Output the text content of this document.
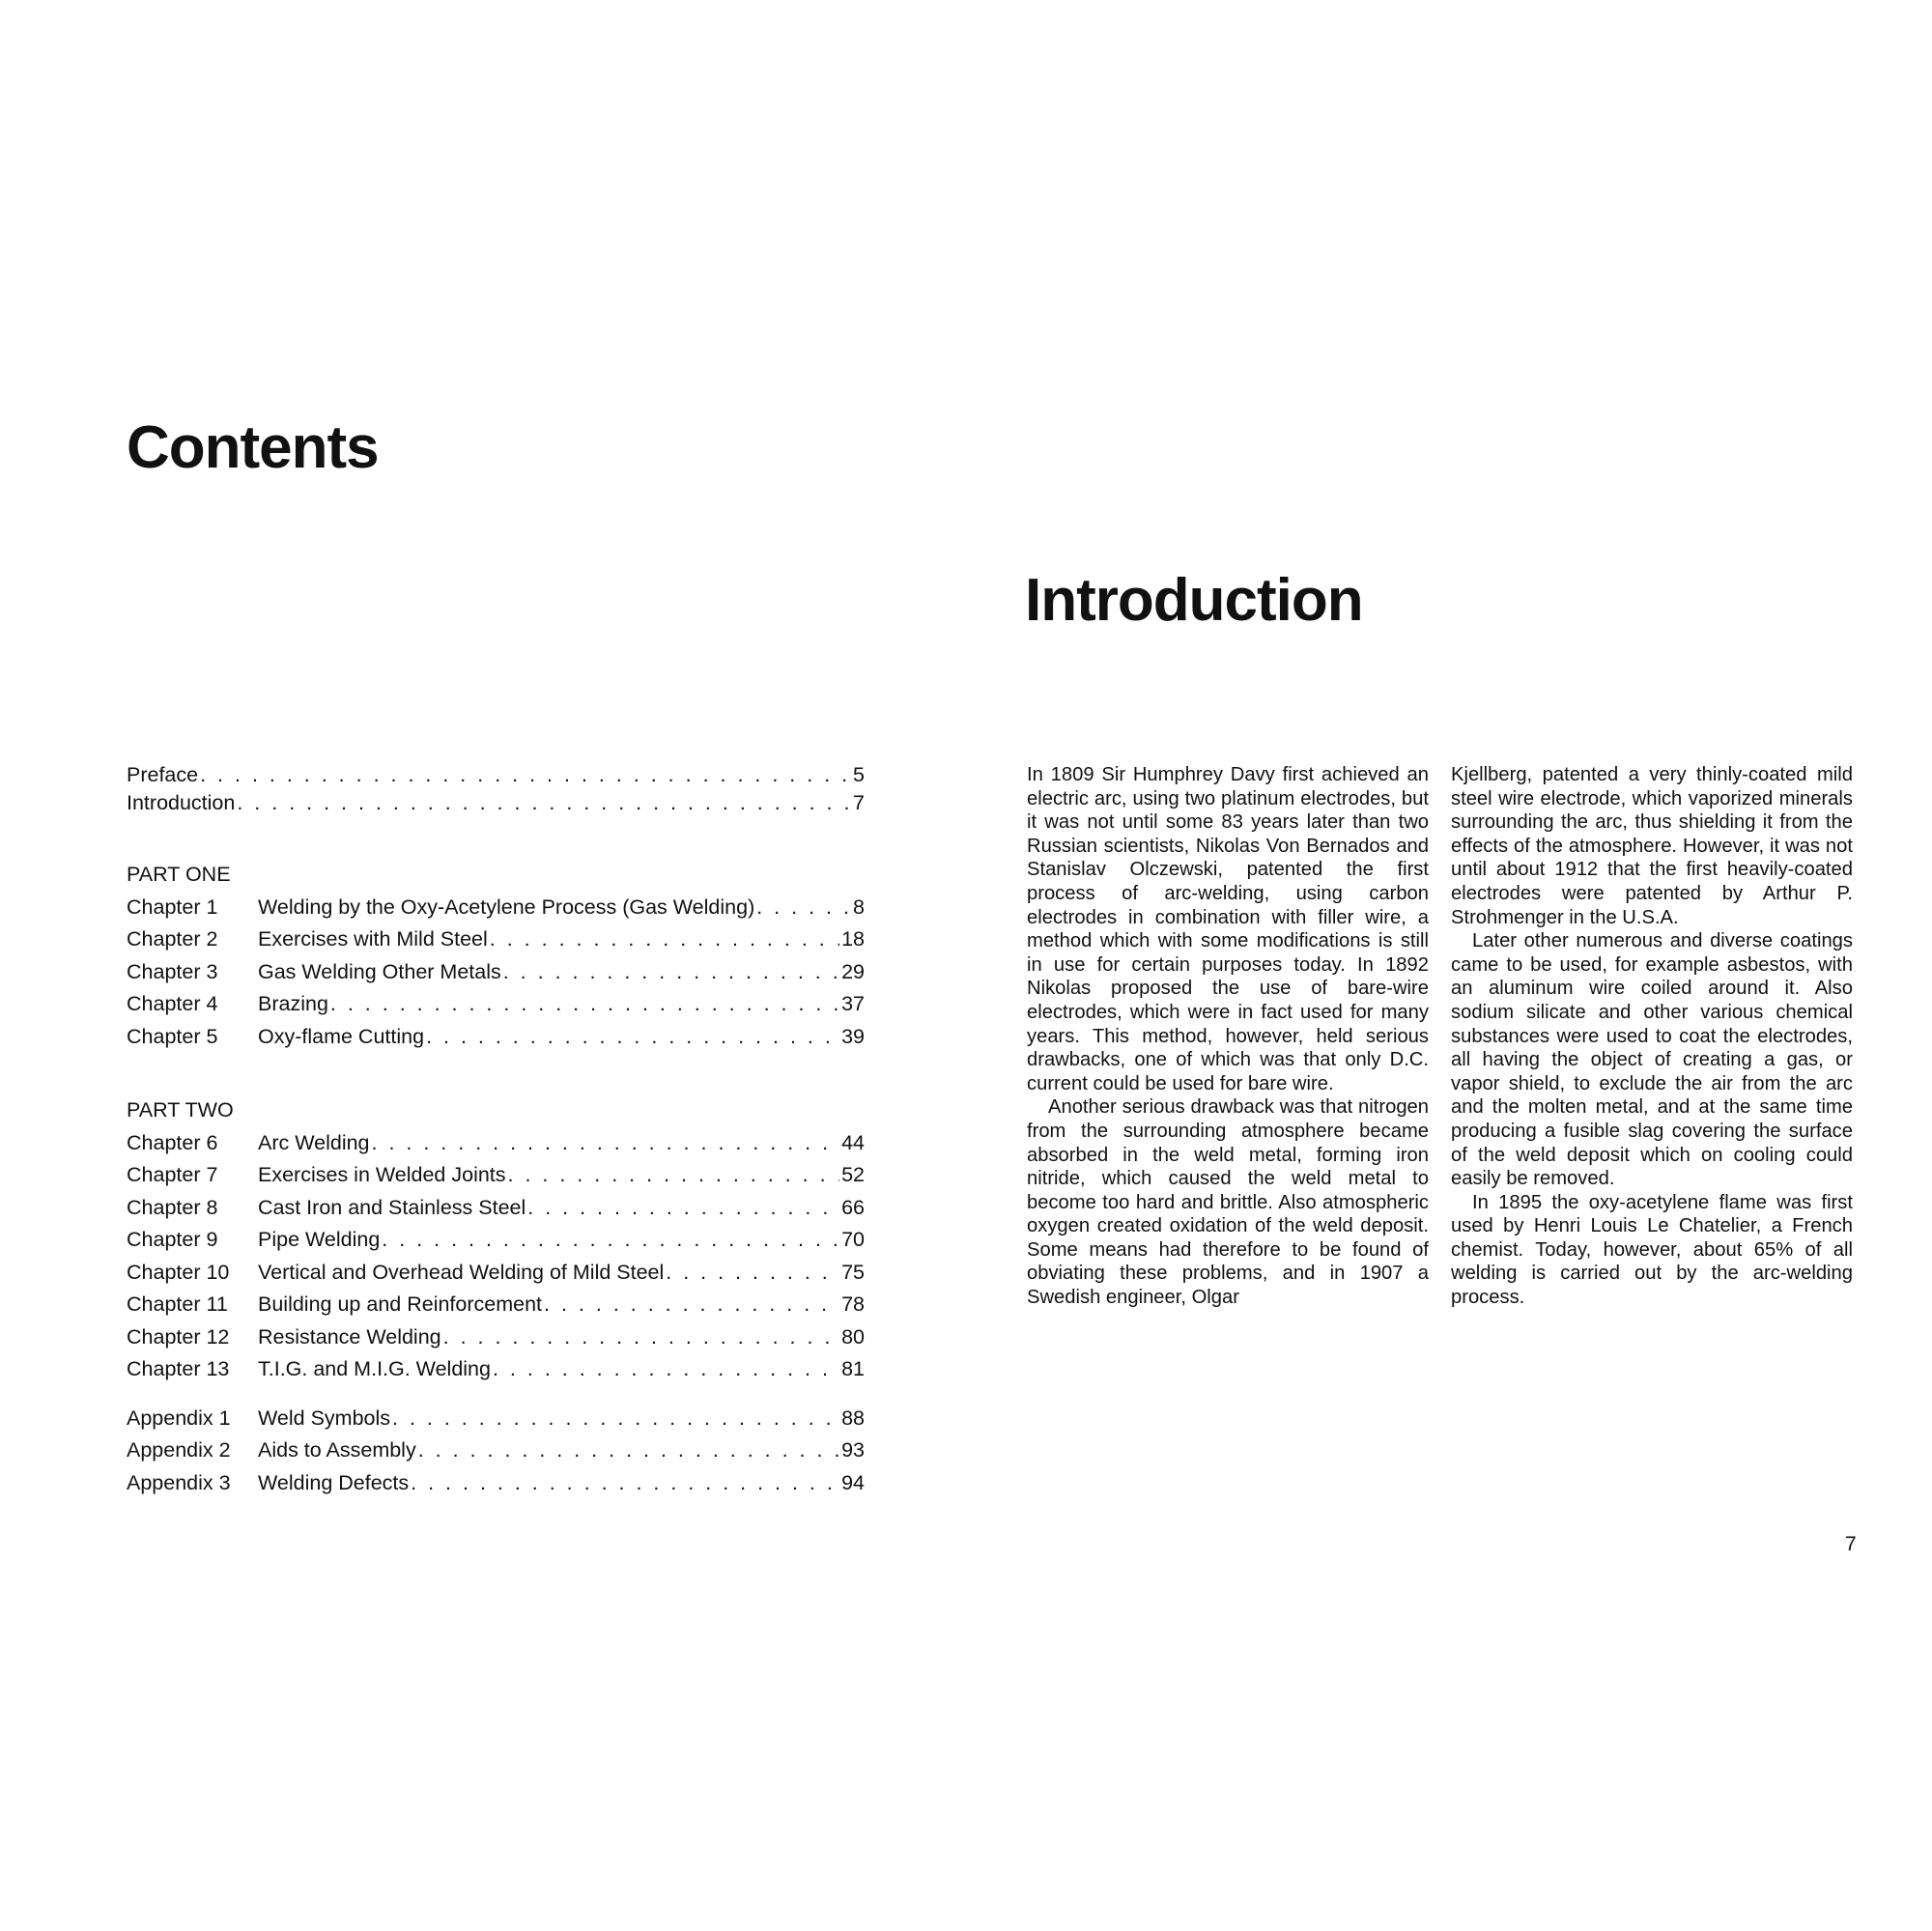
Contents
Preface . . .	5
Introduction . . .	7
PART ONE
Chapter 1	Welding by the Oxy-Acetylene Process (Gas Welding) . . .	8
Chapter 2	Exercises with Mild Steel . . .	18
Chapter 3	Gas Welding Other Metals . . .	29
Chapter 4	Brazing . . .	37
Chapter 5	Oxy-flame Cutting . . .	39
PART TWO
Chapter 6	Arc Welding . . .	44
Chapter 7	Exercises in Welded Joints . . .	52
Chapter 8	Cast Iron and Stainless Steel . . .	66
Chapter 9	Pipe Welding . . .	70
Chapter 10	Vertical and Overhead Welding of Mild Steel . . .	75
Chapter 11	Building up and Reinforcement . . .	78
Chapter 12	Resistance Welding . . .	80
Chapter 13	T.I.G. and M.I.G. Welding . . .	81
Appendix 1	Weld Symbols . . .	88
Appendix 2	Aids to Assembly . . .	93
Appendix 3	Welding Defects . . .	94
Introduction

In 1809 Sir Humphrey Davy first achieved an electric arc, using two platinum electrodes, but it was not until some 83 years later than two Russian scientists, Nikolas Von Bernados and Stanislav Olczewski, patented the first process of arc-welding, using carbon electrodes in combination with filler wire, a method which with some modifications is still in use for certain purposes today. In 1892 Nikolas proposed the use of bare-wire electrodes, which were in fact used for many years. This method, however, held serious drawbacks, one of which was that only D.C. current could be used for bare wire.

Another serious drawback was that nitrogen from the surrounding atmosphere became absorbed in the weld metal, forming iron nitride, which caused the weld metal to become too hard and brittle. Also atmospheric oxygen created oxidation of the weld deposit. Some means had therefore to be found of obviating these problems, and in 1907 a Swedish engineer, Olgar

Kjellberg, patented a very thinly-coated mild steel wire electrode, which vaporized minerals surrounding the arc, thus shielding it from the effects of the atmosphere. However, it was not until about 1912 that the first heavily-coated electrodes were patented by Arthur P. Strohmenger in the U.S.A.

Later other numerous and diverse coatings came to be used, for example asbestos, with an aluminum wire coiled around it. Also sodium silicate and other various chemical substances were used to coat the electrodes, all having the object of creating a gas, or vapor shield, to exclude the air from the arc and the molten metal, and at the same time producing a fusible slag covering the surface of the weld deposit which on cooling could easily be removed.

In 1895 the oxy-acetylene flame was first used by Henri Louis Le Chatelier, a French chemist. Today, however, about 65% of all welding is carried out by the arc-welding process.

7
